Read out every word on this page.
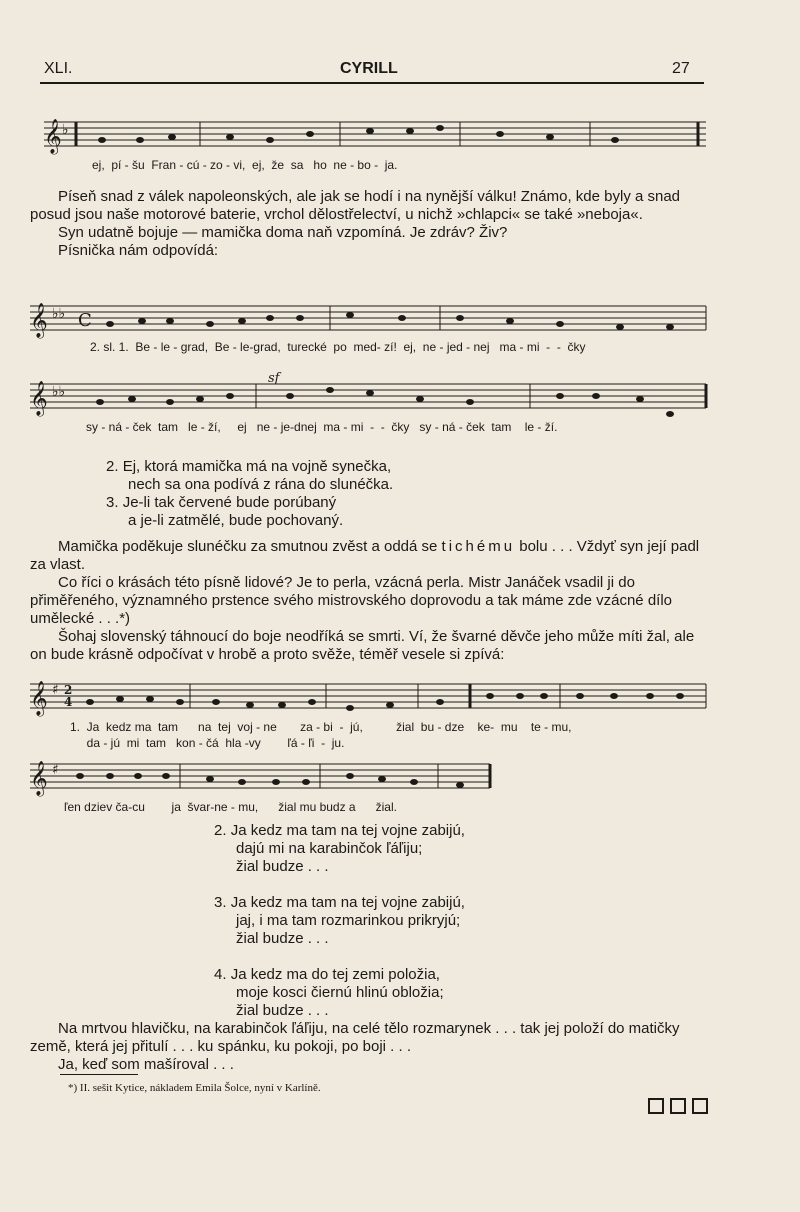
XLI.	CYRILL	27
𝄞 ♭
ej,  pí - šu  Fran - cú - zo - vi,  ej,  že  sa   ho  ne - bo -  ja.

Píseň snad z válek napoleonských, ale jak se hodí i na nynější válku! Známo, kde byly a snad posud jsou naše motorové baterie, vrchol dělostřelectví, u nichž »chlapci« se také »neboja«.

Syn udatně bojuje — mamička doma naň vzpomíná. Je zdráv? Živ?

Písnička nám odpovídá:

𝄞 ♭♭ C
2. sl. 1.  Be - le - grad,  Be - le-grad,  turecké  po  med- zí!  ej,  ne - jed - nej   ma - mi  -  -  čky
𝄞 ♭♭
sf
sy - ná - ček  tam   le - ží,     ej   ne - je-dnej  ma - mi  -  -  čky   sy - ná - ček  tam    le - ží.
2. Ej, ktorá mamička má na vojně synečka,
nech sa ona podívá z rána do slunéčka.
3. Je-li tak červené bude porúbaný
a je-li zatmělé, bude pochovaný.

Mamička poděkuje slunéčku za smutnou zvěst a oddá se tichému bolu . . . Vždyť syn její padl za vlast.

Co říci o krásách této písně lidové? Je to perla, vzácná perla. Mistr Janáček vsadil ji do přiměřeného, významného prstence svého mistrovského doprovodu a tak máme zde vzácné dílo umělecké . . .*)

Šohaj slovenský táhnoucí do boje neodříká se smrti. Ví, že švarné děvče jeho může míti žal, ale on bude krásně odpočívat v hrobě a proto svěže, téměř vesele si zpívá:

𝄞 ♯ 2
4
1.  Ja  kedz ma  tam      na  tej  voj - ne       za - bi  -  jú,          žial  bu - dze    ke-  mu    te - mu,
da - jú  mi  tam   kon - čá  hla -vy        ľá - ľi  -  ju.
𝄞 ♯
ľen dziev ča-cu        ja  švar-ne - mu,      žial mu budz a      žial.
2. Ja kedz ma tam na tej vojne zabijú,
dajú mi na karabinčok ľáľiju;
žial budze . . .
3. Ja kedz ma tam na tej vojne zabijú,
jaj, i ma tam rozmarinkou prikryjú;
žial budze . . .
4. Ja kedz ma do tej zemi položia,
moje kosci čiernú hlinú obložia;
žial budze . . .

Na mrtvou hlavičku, na karabinčok ľáľiju, na celé tělo rozmarynek . . . tak jej položí do matičky země, která jej přitulí . . . ku spánku, ku pokoji, po boji . . .

Ja, keď som mašíroval . . .

*) II. sešit Kytice, nákladem Emila Šolce, nyní v Karlíně.
